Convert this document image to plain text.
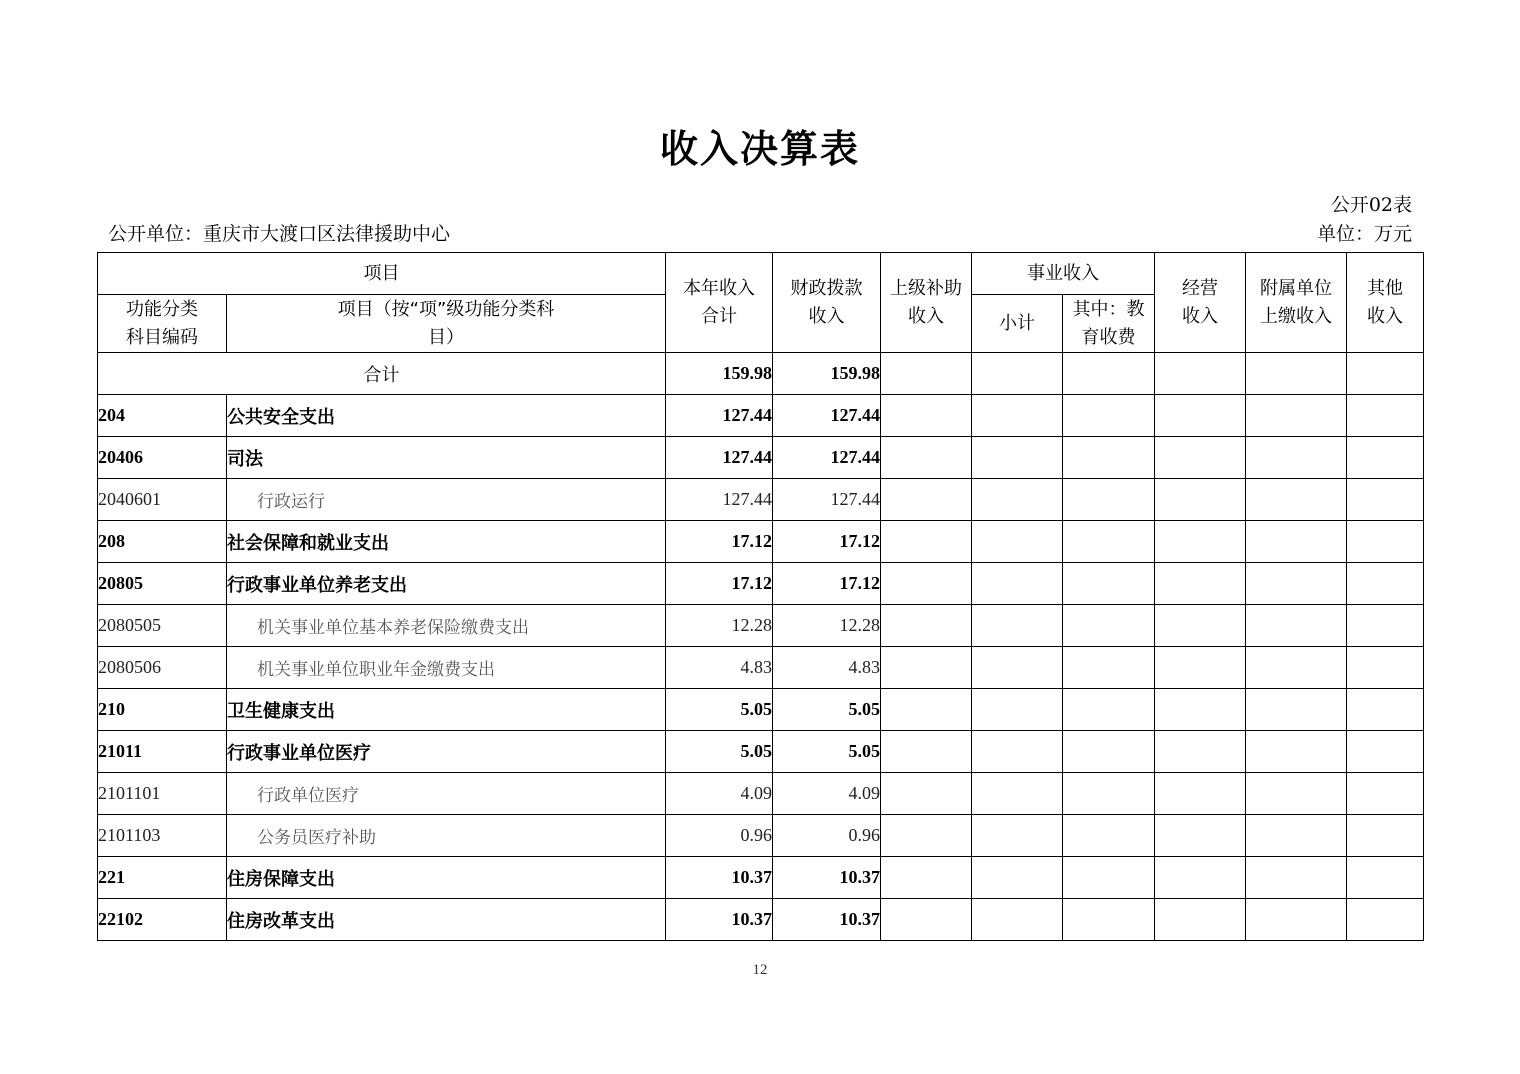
收入决算表
公开02表
公开单位：重庆市大渡口区法律援助中心	单位：万元
项目		本年收入合计	财政拨款收入	上级补助收入	事业收入		经营收入	附属单位上缴收入	其他收入

功能分类科目编码	项目（按“项”级功能分类科目）				小计	其中：教育收费			

合计		159.98	159.98						
204	公共安全支出	127.44	127.44						
20406	司法	127.44	127.44						
2040601	行政运行	127.44	127.44						
208	社会保障和就业支出	17.12	17.12						
20805	行政事业单位养老支出	17.12	17.12						
2080505	机关事业单位基本养老保险缴费支出	12.28	12.28						
2080506	机关事业单位职业年金缴费支出	4.83	4.83						
210	卫生健康支出	5.05	5.05						
21011	行政事业单位医疗	5.05	5.05						
2101101	行政单位医疗	4.09	4.09						
2101103	公务员医疗补助	0.96	0.96						
221	住房保障支出	10.37	10.37						
22102	住房改革支出	10.37	10.37						
12
